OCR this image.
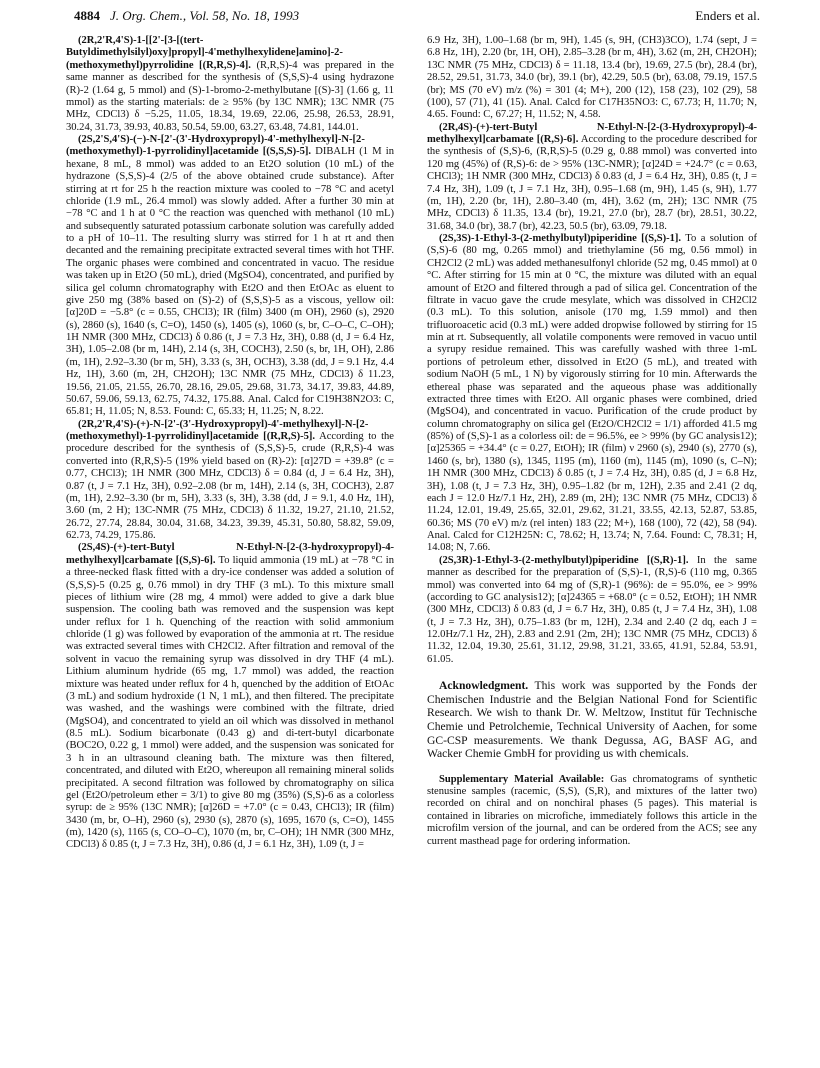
4884 J. Org. Chem., Vol. 58, No. 18, 1993	Enders et al.

(2R,2'R,4'S)-1-[[2'-[3-[(tert-Butyldimethylsilyl)oxy]propyl]-4'methylhexylidene]amino]-2-(methoxymethyl)pyrrolidine [(R,R,S)-4]. (R,R,S)-4 was prepared in the same manner as described for the synthesis of (S,S,S)-4 using hydrazone (R)-2 (1.64 g, 5 mmol) and (S)-1-bromo-2-methylbutane [(S)-3] (1.66 g, 11 mmol) as the starting materials: de ≥ 95% (by 13C NMR); 13C NMR (75 MHz, CDCl3) δ −5.25, 11.05, 18.34, 19.69, 22.06, 25.98, 26.53, 28.91, 30.24, 31.73, 39.93, 40.83, 50.54, 59.00, 63.27, 63.48, 74.81, 144.01.

(2S,2'S,4'S)-(−)-N-[2'-(3'-Hydroxypropyl)-4'-methylhexyl]-N-[2-(methoxymethyl)-1-pyrrolidinyl]acetamide [(S,S,S)-5]. DIBALH (1 M in hexane, 8 mL, 8 mmol) was added to an Et2O solution (10 mL) of the hydrazone (S,S,S)-4 (2/5 of the above obtained crude substance). After stirring at rt for 25 h the reaction mixture was cooled to −78 °C and acetyl chloride (1.9 mL, 26.4 mmol) was slowly added. After a further 30 min at −78 °C and 1 h at 0 °C the reaction was quenched with methanol (10 mL) and subsequently saturated potassium carbonate solution was carefully added to a pH of 10–11. The resulting slurry was stirred for 1 h at rt and then decanted and the remaining precipitate extracted several times with hot THF. The organic phases were combined and concentrated in vacuo. The residue was taken up in Et2O (50 mL), dried (MgSO4), concentrated, and purified by silica gel column chromatography with Et2O and then EtOAc as eluent to give 250 mg (38% based on (S)-2) of (S,S,S)-5 as a viscous, yellow oil: [α]20D = −5.8° (c = 0.55, CHCl3); IR (film) 3400 (m OH), 2960 (s), 2920 (s), 2860 (s), 1640 (s, C=O), 1450 (s), 1405 (s), 1060 (s, br, C–O–C, C–OH); 1H NMR (300 MHz, CDCl3) δ 0.86 (t, J = 7.3 Hz, 3H), 0.88 (d, J = 6.4 Hz, 3H), 1.05–2.08 (br m, 14H), 2.14 (s, 3H, COCH3), 2.50 (s, br, 1H, OH), 2.86 (m, 1H), 2.92–3.30 (br m, 5H), 3.33 (s, 3H, OCH3), 3.38 (dd, J = 9.1 Hz, 4.4 Hz, 1H), 3.60 (m, 2H, CH2OH); 13C NMR (75 MHz, CDCl3) δ 11.23, 19.56, 21.05, 21.55, 26.70, 28.16, 29.05, 29.68, 31.73, 34.17, 39.83, 44.89, 50.67, 59.06, 59.13, 62.75, 74.32, 175.88. Anal. Calcd for C19H38N2O3: C, 65.81; H, 11.05; N, 8.53. Found: C, 65.33; H, 11.25; N, 8.22.

(2R,2'R,4'S)-(+)-N-[2'-(3'-Hydroxypropyl)-4'-methylhexyl]-N-[2-(methoxymethyl)-1-pyrrolidinyl]acetamide [(R,R,S)-5]. According to the procedure described for the synthesis of (S,S,S)-5, crude (R,R,S)-4 was converted into (R,R,S)-5 (19% yield based on (R)-2): [α]27D = +39.8° (c = 0.77, CHCl3); 1H NMR (300 MHz, CDCl3) δ = 0.84 (d, J = 6.4 Hz, 3H), 0.87 (t, J = 7.1 Hz, 3H), 0.92–2.08 (br m, 14H), 2.14 (s, 3H, COCH3), 2.87 (m, 1H), 2.92–3.30 (br m, 5H), 3.33 (s, 3H), 3.38 (dd, J = 9.1, 4.0 Hz, 1H), 3.60 (m, 2 H); 13C-NMR (75 MHz, CDCl3) δ 11.32, 19.27, 21.10, 21.52, 26.72, 27.74, 28.84, 30.04, 31.68, 34.23, 39.39, 45.31, 50.80, 58.82, 59.09, 62.73, 74.29, 175.86.

(2S,4S)-(+)-tert-Butyl N-Ethyl-N-[2-(3-hydroxypropyl)-4-methylhexyl]carbamate [(S,S)-6]. To liquid ammonia (19 mL) at −78 °C in a three-necked flask fitted with a dry-ice condenser was added a solution of (S,S,S)-5 (0.25 g, 0.76 mmol) in dry THF (3 mL). To this mixture small pieces of lithium wire (28 mg, 4 mmol) were added to give a dark blue suspension. The cooling bath was removed and the suspension was kept under reflux for 1 h. Quenching of the reaction with solid ammonium chloride (1 g) was followed by evaporation of the ammonia at rt. The residue was extracted several times with CH2Cl2. After filtration and removal of the solvent in vacuo the remaining syrup was dissolved in dry THF (4 mL). Lithium aluminum hydride (65 mg, 1.7 mmol) was added, the reaction mixture was heated under reflux for 4 h, quenched by the addition of EtOAc (3 mL) and sodium hydroxide (1 N, 1 mL), and then filtered. The precipitate was washed, and the washings were combined with the filtrate, dried (MgSO4), and concentrated to yield an oil which was dissolved in methanol (8.5 mL). Sodium bicarbonate (0.43 g) and di-tert-butyl dicarbonate (BOC2O, 0.22 g, 1 mmol) were added, and the suspension was sonicated for 3 h in an ultrasound cleaning bath. The mixture was then filtered, concentrated, and diluted with Et2O, whereupon all remaining mineral solids precipitated. A second filtration was followed by chromatography on silica gel (Et2O/petroleum ether = 3/1) to give 80 mg (35%) (S,S)-6 as a colorless syrup: de ≥ 95% (13C NMR); [α]26D = +7.0° (c = 0.43, CHCl3); IR (film) 3430 (m, br, O–H), 2960 (s), 2930 (s), 2870 (s), 1695, 1670 (s, C=O), 1455 (m), 1420 (s), 1165 (s, CO–O–C), 1070 (m, br, C–OH); 1H NMR (300 MHz, CDCl3) δ 0.85 (t, J = 7.3 Hz, 3H), 0.86 (d, J = 6.1 Hz, 3H), 1.09 (t, J =

6.9 Hz, 3H), 1.00–1.68 (br m, 9H), 1.45 (s, 9H, (CH3)3CO), 1.74 (sept, J = 6.8 Hz, 1H), 2.20 (br, 1H, OH), 2.85–3.28 (br m, 4H), 3.62 (m, 2H, CH2OH); 13C NMR (75 MHz, CDCl3) δ = 11.18, 13.4 (br), 19.69, 27.5 (br), 28.4 (br), 28.52, 29.51, 31.73, 34.0 (br), 39.1 (br), 42.29, 50.5 (br), 63.08, 79.19, 157.5 (br); MS (70 eV) m/z (%) = 301 (4; M+), 200 (12), 158 (23), 102 (29), 58 (100), 57 (71), 41 (15). Anal. Calcd for C17H35NO3: C, 67.73; H, 11.70; N, 4.65. Found: C, 67.27; H, 11.52; N, 4.58.

(2R,4S)-(+)-tert-Butyl N-Ethyl-N-[2-(3-Hydroxypropyl)-4-methylhexyl]carbamate [(R,S)-6]. According to the procedure described for the synthesis of (S,S)-6, (R,R,S)-5 (0.29 g, 0.88 mmol) was converted into 120 mg (45%) of (R,S)-6: de > 95% (13C-NMR); [α]24D = +24.7° (c = 0.63, CHCl3); 1H NMR (300 MHz, CDCl3) δ 0.83 (d, J = 6.4 Hz, 3H), 0.85 (t, J = 7.4 Hz, 3H), 1.09 (t, J = 7.1 Hz, 3H), 0.95–1.68 (m, 9H), 1.45 (s, 9H), 1.77 (m, 1H), 2.20 (br, 1H), 2.80–3.40 (m, 4H), 3.62 (m, 2H); 13C NMR (75 MHz, CDCl3) δ 11.35, 13.4 (br), 19.21, 27.0 (br), 28.7 (br), 28.51, 30.22, 31.68, 34.0 (br), 38.7 (br), 42.23, 50.5 (br), 63.09, 79.18.

(2S,3S)-1-Ethyl-3-(2-methylbutyl)piperidine [(S,S)-1]. To a solution of (S,S)-6 (80 mg, 0.265 mmol) and triethylamine (56 mg, 0.56 mmol) in CH2Cl2 (2 mL) was added methanesulfonyl chloride (52 mg, 0.45 mmol) at 0 °C. After stirring for 15 min at 0 °C, the mixture was diluted with an equal amount of Et2O and filtered through a pad of silica gel. Concentration of the filtrate in vacuo gave the crude mesylate, which was dissolved in CH2Cl2 (0.3 mL). To this solution, anisole (170 mg, 1.59 mmol) and then trifluoroacetic acid (0.3 mL) were added dropwise followed by stirring for 15 min at rt. Subsequently, all volatile components were removed in vacuo until a syrupy residue remained. This was carefully washed with three 1-mL portions of petroleum ether, dissolved in Et2O (5 mL), and treated with sodium NaOH (5 mL, 1 N) by vigorously stirring for 10 min. Afterwards the ethereal phase was separated and the aqueous phase was additionally extracted three times with Et2O. All organic phases were combined, dried (MgSO4), and concentrated in vacuo. Purification of the crude product by column chromatography on silica gel (Et2O/CH2Cl2 = 1/1) afforded 41.5 mg (85%) of (S,S)-1 as a colorless oil: de = 96.5%, ee > 99% (by GC analysis12); [α]25365 = +34.4° (c = 0.27, EtOH); IR (film) ν 2960 (s), 2940 (s), 2770 (s), 1460 (s, br), 1380 (s), 1345, 1195 (m), 1160 (m), 1145 (m), 1090 (s, C–N); 1H NMR (300 MHz, CDCl3) δ 0.85 (t, J = 7.4 Hz, 3H), 0.85 (d, J = 6.8 Hz, 3H), 1.08 (t, J = 7.3 Hz, 3H), 0.95–1.82 (br m, 12H), 2.35 and 2.41 (2 dq, each J = 12.0 Hz/7.1 Hz, 2H), 2.89 (m, 2H); 13C NMR (75 MHz, CDCl3) δ 11.24, 12.01, 19.49, 25.65, 32.01, 29.62, 31.21, 33.55, 42.13, 52.87, 53.85, 60.36; MS (70 eV) m/z (rel inten) 183 (22; M+), 168 (100), 72 (42), 58 (94). Anal. Calcd for C12H25N: C, 78.62; H, 13.74; N, 7.64. Found: C, 78.31; H, 14.08; N, 7.66.

(2S,3R)-1-Ethyl-3-(2-methylbutyl)piperidine [(S,R)-1]. In the same manner as described for the preparation of (S,S)-1, (R,S)-6 (110 mg, 0.365 mmol) was converted into 64 mg of (S,R)-1 (96%): de = 95.0%, ee > 99% (according to GC analysis12); [α]24365 = +68.0° (c = 0.52, EtOH); 1H NMR (300 MHz, CDCl3) δ 0.83 (d, J = 6.7 Hz, 3H), 0.85 (t, J = 7.4 Hz, 3H), 1.08 (t, J = 7.3 Hz, 3H), 0.75–1.83 (br m, 12H), 2.34 and 2.40 (2 dq, each J = 12.0Hz/7.1 Hz, 2H), 2.83 and 2.91 (2m, 2H); 13C NMR (75 MHz, CDCl3) δ 11.32, 12.04, 19.30, 25.61, 31.12, 29.98, 31.21, 33.65, 41.91, 52.84, 53.91, 61.05.

Acknowledgment. This work was supported by the Fonds der Chemischen Industrie and the Belgian National Fond for Scientific Research. We wish to thank Dr. W. Meltzow, Institut für Technische Chemie und Petrolchemie, Technical University of Aachen, for some GC-CSP measurements. We thank Degussa, AG, BASF AG, and Wacker Chemie GmbH for providing us with chemicals.

Supplementary Material Available: Gas chromatograms of synthetic stenusine samples (racemic, (S,S), (S,R), and mixtures of the latter two) recorded on chiral and on nonchiral phases (5 pages). This material is contained in libraries on microfiche, immediately follows this article in the microfilm version of the journal, and can be ordered from the ACS; see any current masthead page for ordering information.
